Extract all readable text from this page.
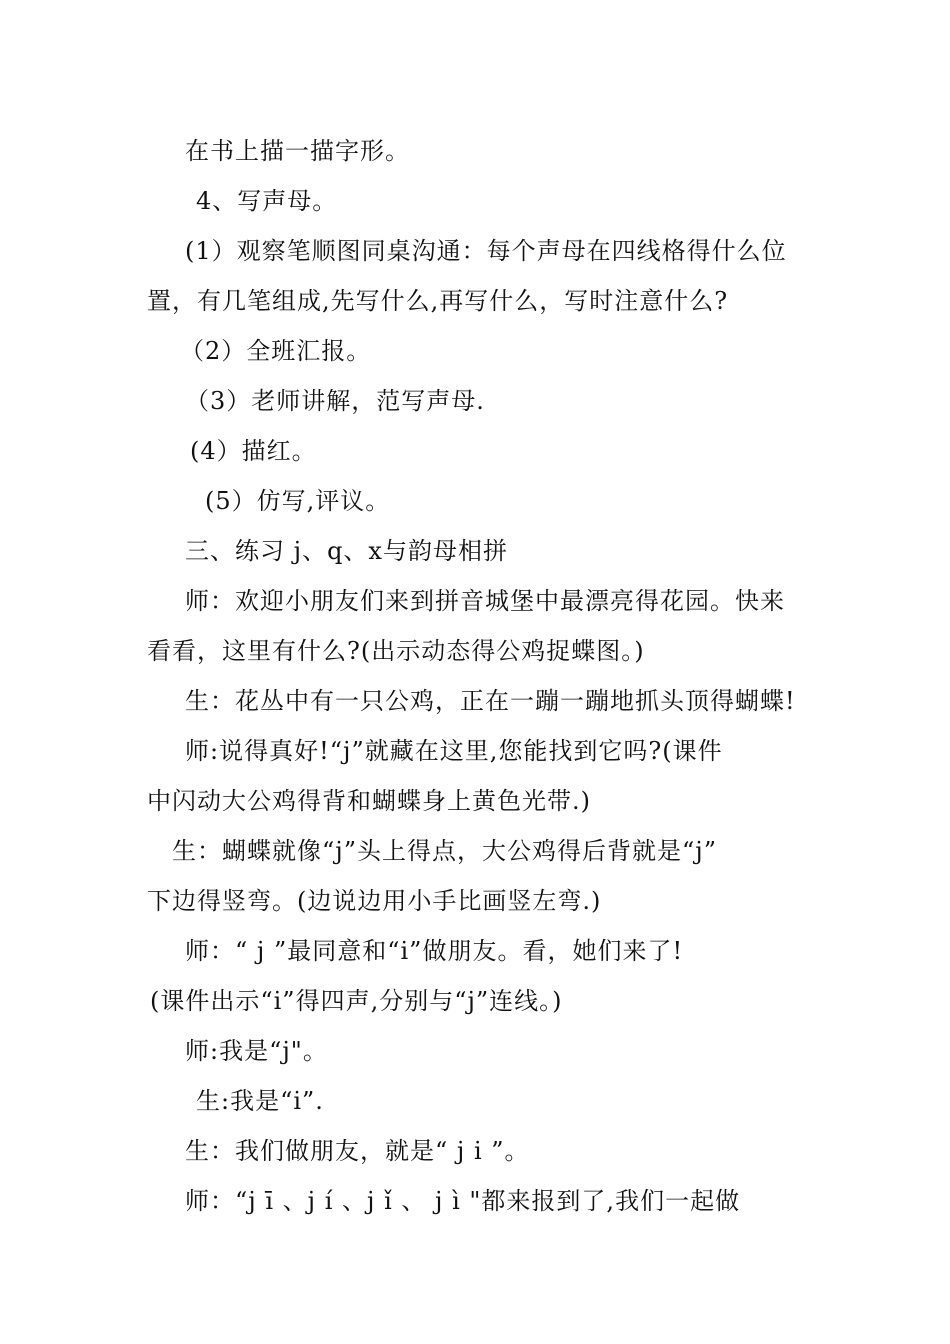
在书上描一描字形。
4、写声母。
(1）观察笔顺图同桌沟通：每个声母在四线格得什么位
置，有几笔组成,先写什么,再写什么，写时注意什么?
（2）全班汇报。
（3）老师讲解，范写声母.
(4）描红。
(5）仿写,评议。
三、练习 j、q、x与韵母相拼
师：欢迎小朋友们来到拼音城堡中最漂亮得花园。快来
看看，这里有什么?(出示动态得公鸡捉蝶图。)
生：花丛中有一只公鸡，正在一蹦一蹦地抓头顶得蝴蝶!
师:说得真好!“j”就藏在这里,您能找到它吗?(课件
中闪动大公鸡得背和蝴蝶身上黄色光带.)
生：蝴蝶就像“j”头上得点，大公鸡得后背就是“j”
下边得竖弯。(边说边用小手比画竖左弯.)
师：“ j ”最同意和“i”做朋友。看，她们来了!
(课件出示“i”得四声,分别与“j”连线。)
师:我是“j"。
生:我是“i”.
生：我们做朋友，就是“ j i ”。
师：“j ī 、j í 、j ǐ 、 j ì "都来报到了,我们一起做
